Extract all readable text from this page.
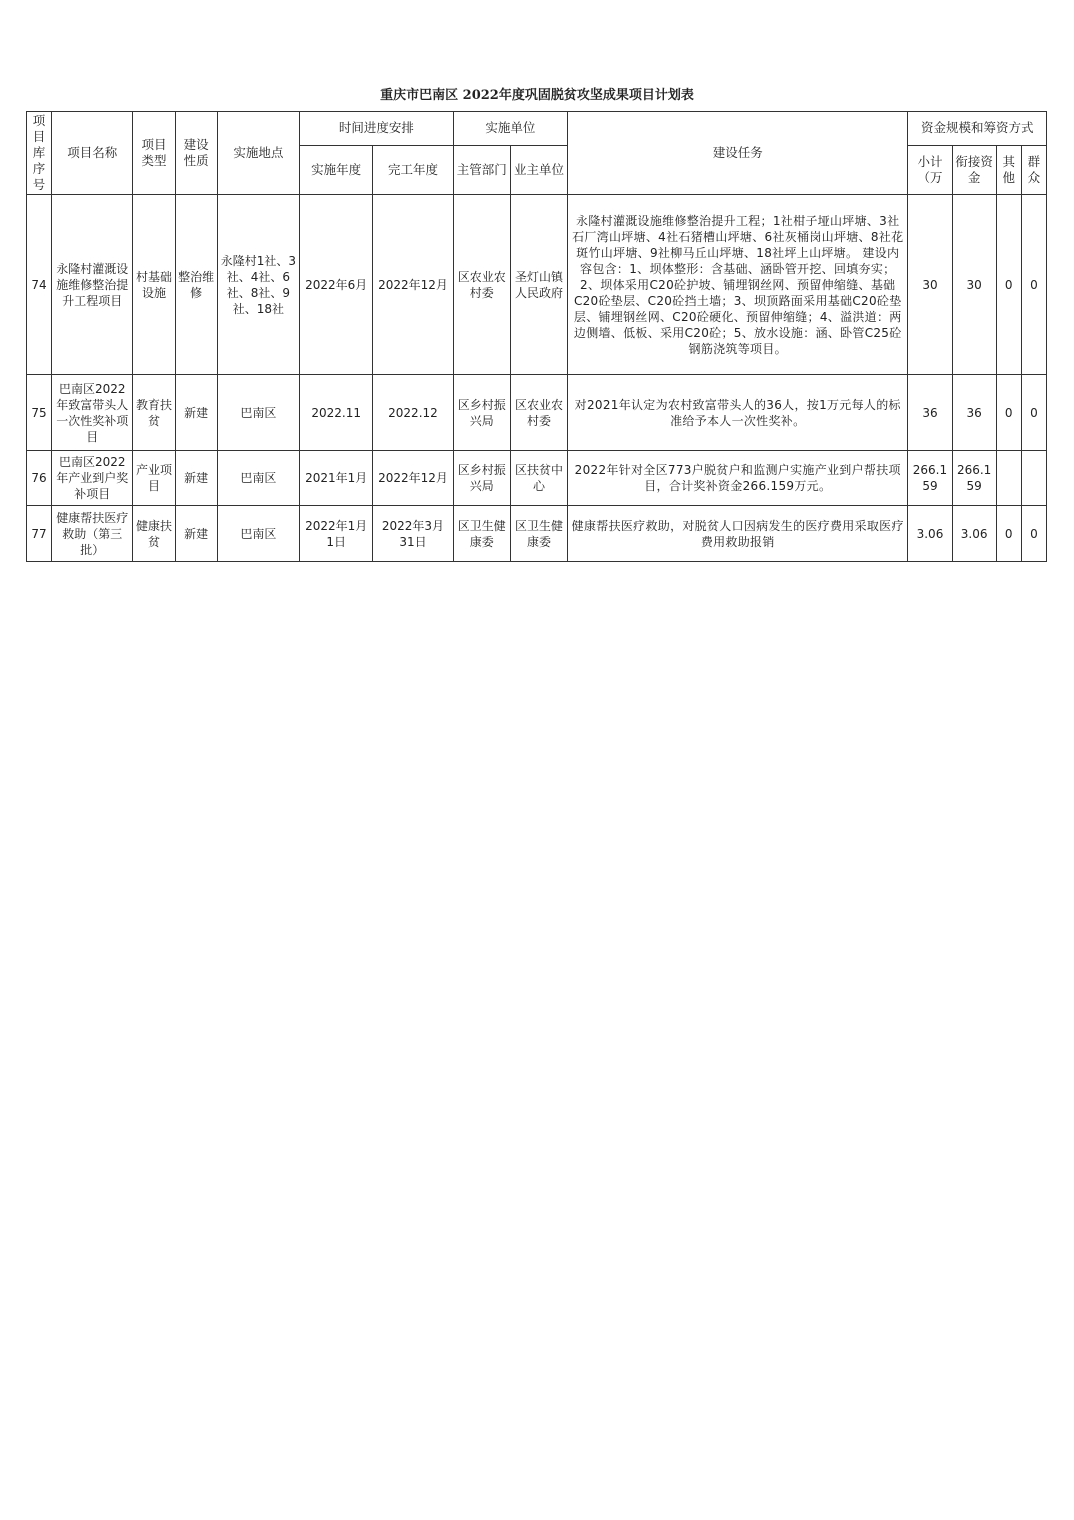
重庆市巴南区 2022年度巩固脱贫攻坚成果项目计划表
项目库序号	项目名称	项目类型	建设性质	实施地点	时间进度安排		实施单位		建设任务	资金规模和筹资方式			
					实施年度	完工年度	主管部门	业主单位		小计（万	衔接资金	其他	群众
74	永隆村灌溉设施维修整治提升工程项目	村基础设施	整治维修	永隆村1社、3社、4社、6社、8社、9社、18社	2022年6月	2022年12月	区农业农村委	圣灯山镇人民政府	永隆村灌溉设施维修整治提升工程；1社柑子垭山坪塘、3社石厂湾山坪塘、4社石猪槽山坪塘、6社灰桶岗山坪塘、8社花斑竹山坪塘、9社柳马丘山坪塘、18社坪上山坪塘。 建设内容包含：1、坝体整形：含基础、涵卧管开挖、回填夯实；2、坝体采用C20砼护坡、铺埋钢丝网、预留伸缩缝、基础C20砼垫层、C20砼挡土墙；3、坝顶路面采用基础C20砼垫层、铺埋钢丝网、C20砼硬化、预留伸缩缝；4、溢洪道：两边侧墙、低板、采用C20砼；5、放水设施：涵、卧管C25砼钢筋浇筑等项目。	30	30	0	0
75	巴南区2022年致富带头人一次性奖补项目	教育扶贫	新建	巴南区	2022.11	2022.12	区乡村振兴局	区农业农村委	对2021年认定为农村致富带头人的36人，按1万元每人的标准给予本人一次性奖补。	36	36	0	0
76	巴南区2022年产业到户奖补项目	产业项目	新建	巴南区	2021年1月	2022年12月	区乡村振兴局	区扶贫中心	2022年针对全区773户脱贫户和监测户实施产业到户帮扶项目，合计奖补资金266.159万元。	266.159	266.159		
77	健康帮扶医疗救助（第三批）	健康扶贫	新建	巴南区	2022年1月1日	2022年3月31日	区卫生健康委	区卫生健康委	健康帮扶医疗救助，对脱贫人口因病发生的医疗费用采取医疗费用救助报销	3.06	3.06	0	0
